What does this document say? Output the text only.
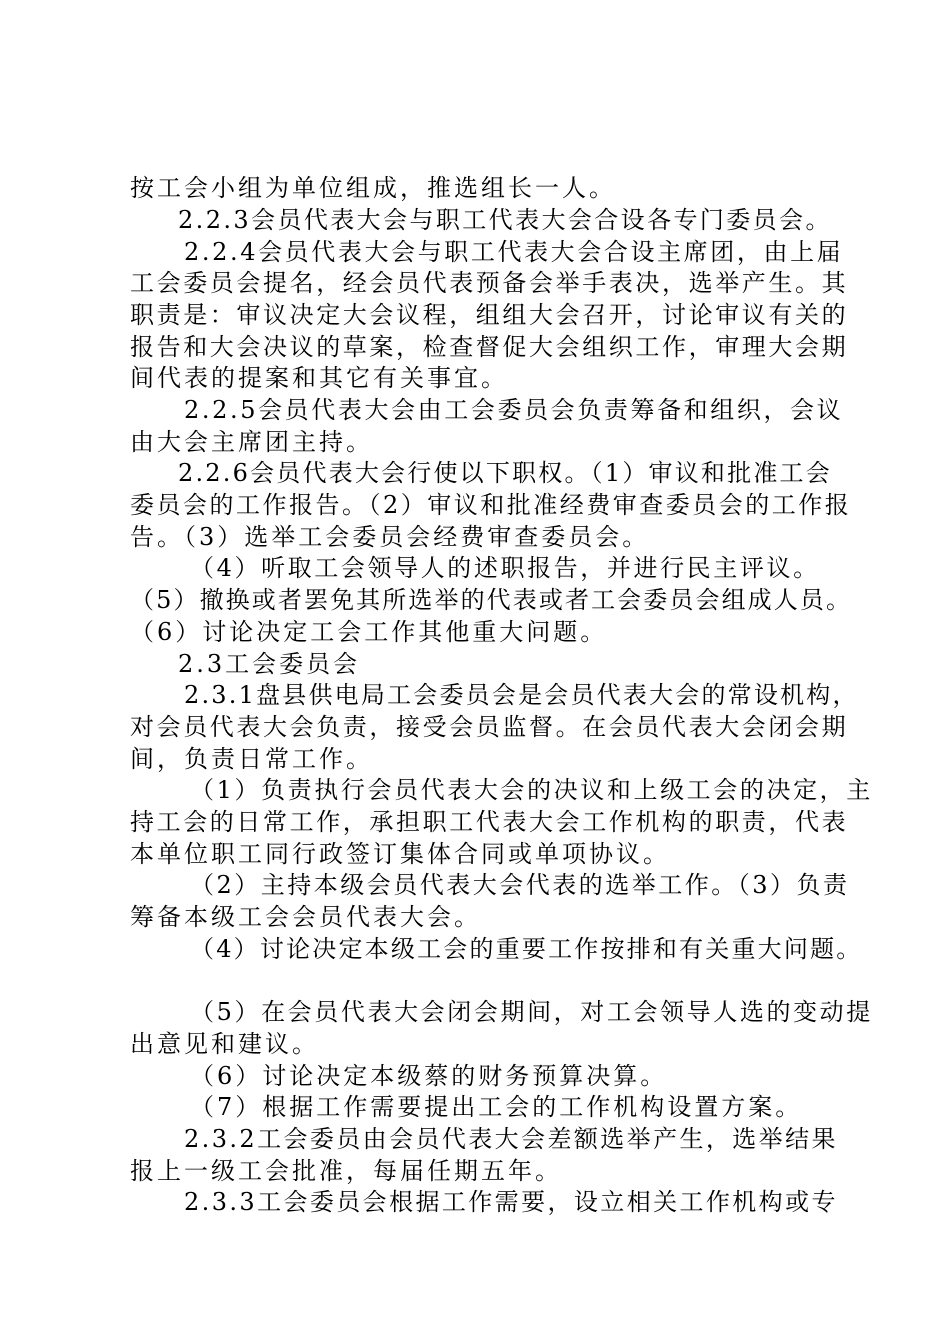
按工会小组为单位组成，推选组长一人。

2.2.3会员代表大会与职工代表大会合设各专门委员会。

2.2.4会员代表大会与职工代表大会合设主席团，由上届

工会委员会提名，经会员代表预备会举手表决，选举产生。其

职责是：审议决定大会议程，组组大会召开，讨论审议有关的

报告和大会决议的草案，检查督促大会组织工作，审理大会期

间代表的提案和其它有关事宜。

2.2.5会员代表大会由工会委员会负责筹备和组织，会议

由大会主席团主持。

2.2.6会员代表大会行使以下职权。（1）审议和批准工会

委员会的工作报告。（2）审议和批准经费审查委员会的工作报

告。（3）选举工会委员会经费审查委员会。

（4）听取工会领导人的述职报告，并进行民主评议。

（5）撤换或者罢免其所选举的代表或者工会委员会组成人员。

（6）讨论决定工会工作其他重大问题。

2.3工会委员会

2.3.1盘县供电局工会委员会是会员代表大会的常设机构，

对会员代表大会负责，接受会员监督。在会员代表大会闭会期

间，负责日常工作。

（1）负责执行会员代表大会的决议和上级工会的决定，主

持工会的日常工作，承担职工代表大会工作机构的职责，代表

本单位职工同行政签订集体合同或单项协议。

（2）主持本级会员代表大会代表的选举工作。（3）负责

筹备本级工会会员代表大会。

（4）讨论决定本级工会的重要工作按排和有关重大问题。

（5）在会员代表大会闭会期间，对工会领导人选的变动提

出意见和建议。

（6）讨论决定本级蔡的财务预算决算。

（7）根据工作需要提出工会的工作机构设置方案。

2.3.2工会委员由会员代表大会差额选举产生，选举结果

报上一级工会批准，每届任期五年。

2.3.3工会委员会根据工作需要，设立相关工作机构或专
